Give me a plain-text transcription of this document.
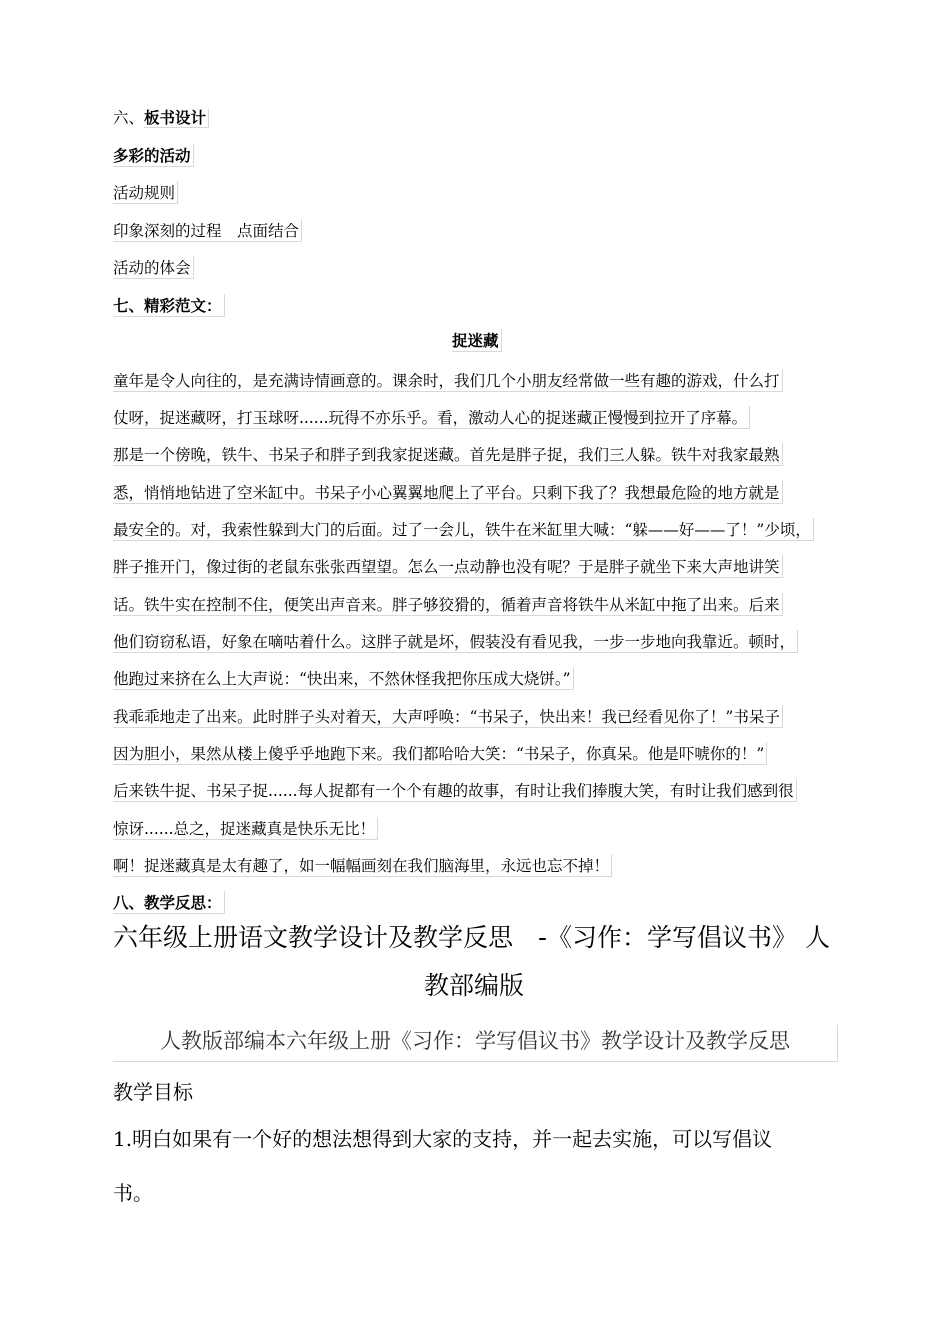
六、板书设计
多彩的活动
活动规则
印象深刻的过程　点面结合
活动的体会
七、精彩范文：
捉迷藏
童年是令人向往的，是充满诗情画意的。课余时，我们几个小朋友经常做一些有趣的游戏，什么打
仗呀，捉迷藏呀，打玉球呀......玩得不亦乐乎。看，激动人心的捉迷藏正慢慢到拉开了序幕。
那是一个傍晚，铁牛、书呆子和胖子到我家捉迷藏。首先是胖子捉，我们三人躲。铁牛对我家最熟
悉，悄悄地钻进了空米缸中。书呆子小心翼翼地爬上了平台。只剩下我了？我想最危险的地方就是
最安全的。对，我索性躲到大门的后面。过了一会儿，铁牛在米缸里大喊：“躲——好——了！”少顷，
胖子推开门，像过街的老鼠东张张西望望。怎么一点动静也没有呢？于是胖子就坐下来大声地讲笑
话。铁牛实在控制不住，便笑出声音来。胖子够狡猾的，循着声音将铁牛从米缸中拖了出来。后来
他们窃窃私语，好象在嘀咕着什么。这胖子就是坏，假装没有看见我，一步一步地向我靠近。顿时，
他跑过来挤在么上大声说：“快出来，不然休怪我把你压成大烧饼。”
我乖乖地走了出来。此时胖子头对着天，大声呼唤：“书呆子，快出来！我已经看见你了！”书呆子
因为胆小，果然从楼上傻乎乎地跑下来。我们都哈哈大笑：“书呆子，你真呆。他是吓唬你的！”
后来铁牛捉、书呆子捉......每人捉都有一个个有趣的故事，有时让我们捧腹大笑，有时让我们感到很
惊讶......总之，捉迷藏真是快乐无比！
啊！捉迷藏真是太有趣了，如一幅幅画刻在我们脑海里，永远也忘不掉！
八、教学反思：
六年级上册语文教学设计及教学反思　-《习作：学写倡议书》 人
教部编版
人教版部编本六年级上册《习作：学写倡议书》教学设计及教学反思
教学目标
1.明白如果有一个好的想法想得到大家的支持，并一起去实施，可以写倡议
书。
